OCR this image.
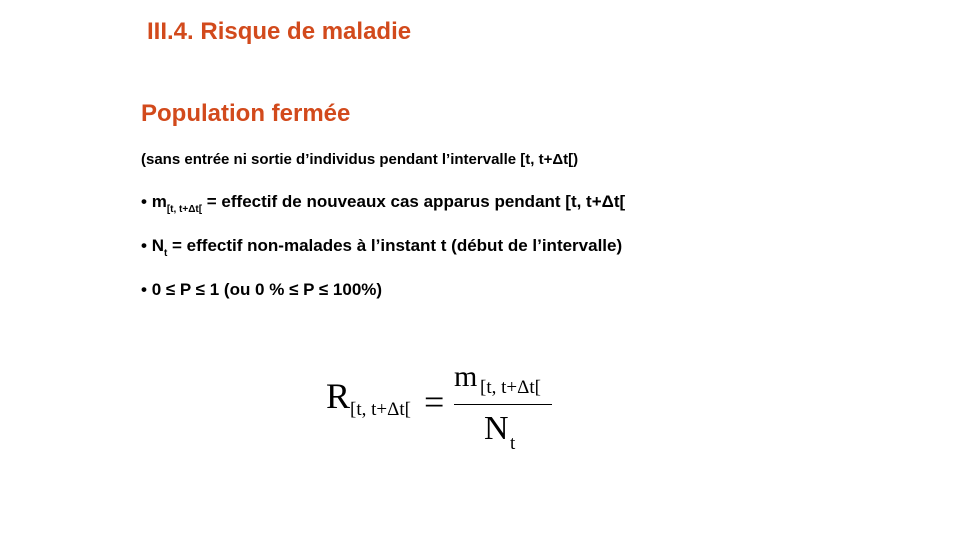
III.4. Risque de maladie
Population fermée
(sans entrée ni sortie d’individus pendant l’intervalle [t, t+Δt[)
• $m_{[t, t+\Delta t[}$ = effectif de nouveaux cas apparus pendant [t, t+Δt[
• $N_t$ = effectif non-malades à l’instant t (début de l’intervalle)
• 0 ≤ P ≤ 1 (ou 0 % ≤ P ≤ 100%)
R [t, t+Δt[ =
m [t, t+Δt[
N t
